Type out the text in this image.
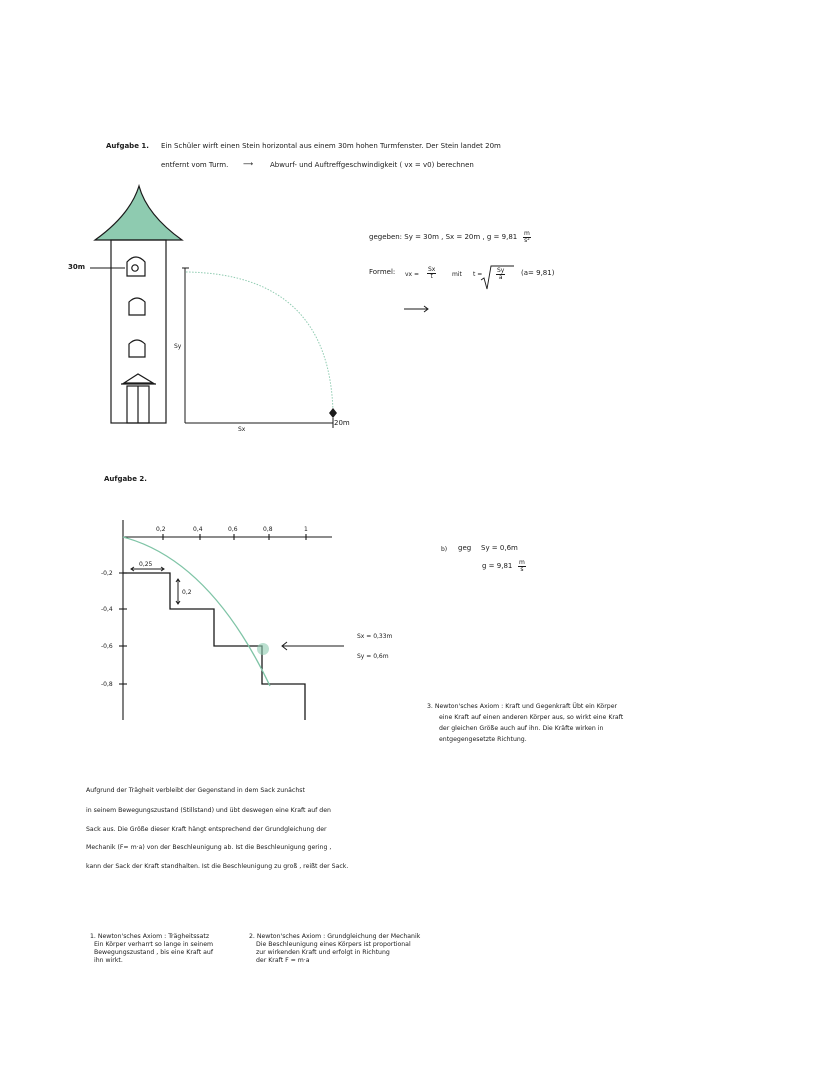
Aufgabe 1. Ein Schüler wirft einen Stein horizontal aus einem 30m hohen Turmfenster. Der Stein landet 20m
entfernt vom Turm. ⟶ Abwurf- und Auftreffgeschwindigkeit ( vx = v0) berechnen
30m
Sy
Sx
20m
gegeben: Sy = 30m , Sx = 20m , $g = 9,81 \frac{m}{\text{s²}}$
Formel: vx = $\frac{Sx}{t}$	mit $t = \frac{Sy}{a} (a= 9,81)$
Aufgabe 2.
0,2	0,4	0,6	0,8	1
-0,2
-0,4
-0,6
-0,8
0,25
0,2
Sx = 0,33m
Sy = 0,6m
b) geg Sy = 0,6m
$g = 9,81 \frac{m}{s}$
3. Newton'sches Axiom : Kraft und Gegenkraft Übt ein Körper
eine Kraft auf einen anderen Körper aus, so wirkt eine Kraft
der gleichen Größe auch auf ihn. Die Kräfte wirken in
entgegengesetzte Richtung.
Aufgrund der Trägheit verbleibt der Gegenstand in dem Sack zunächst
in seinem Bewegungszustand (Stillstand) und übt deswegen eine Kraft auf den
Sack aus. Die Größe dieser Kraft hängt entsprechend der Grundgleichung der
Mechanik (F= m·a) von der Beschleunigung ab. Ist die Beschleunigung gering ,
kann der Sack der Kraft standhalten. Ist die Beschleunigung zu groß , reißt der Sack.
1. Newton'sches Axiom : Trägheitssatz
Ein Körper verharrt so lange in seinem
Bewegungszustand , bis eine Kraft auf
ihn wirkt.
2. Newton'sches Axiom : Grundgleichung der Mechanik
Die Beschleunigung eines Körpers ist proportional
zur wirkenden Kraft und erfolgt in Richtung
der Kraft F = m·a
